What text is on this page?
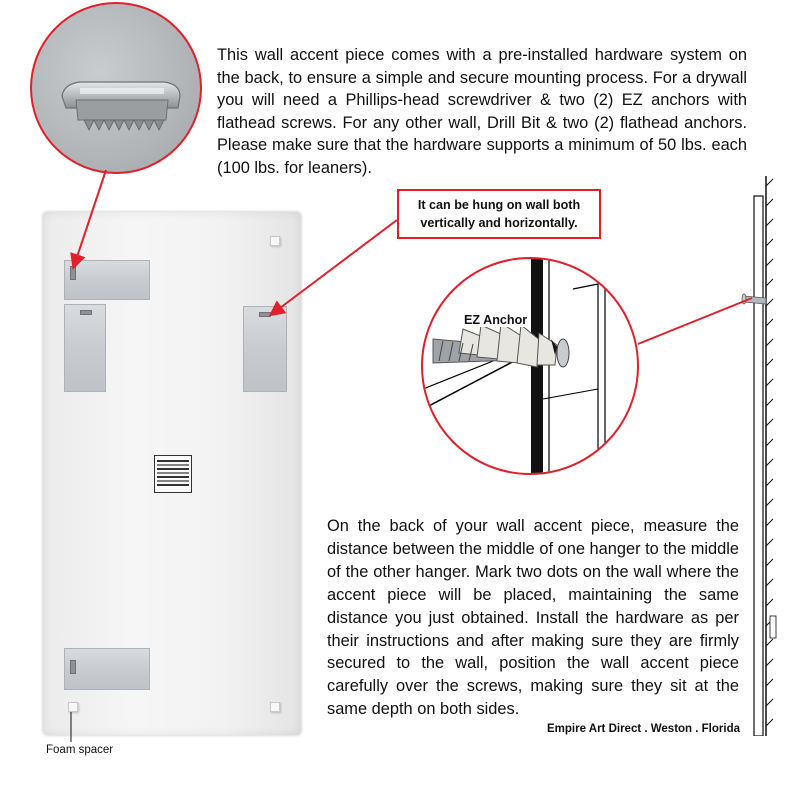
This wall accent piece comes with a pre-installed hardware system on the back, to ensure a simple and secure mounting process. For a drywall you will need a Phillips-head screwdriver & two (2) EZ anchors with flathead screws. For any other wall, Drill Bit & two (2) flathead anchors. Please make sure that the hardware supports a minimum of 50 lbs. each (100 lbs. for leaners).
It can be hung on wall both
vertically and horizontally.
EZ Anchor
On the back of your wall accent piece, measure the distance between the middle of one hanger to the middle of the other hanger. Mark two dots on the wall where the accent piece will be placed, maintaining the same distance you just obtained. Install the hardware as per their instructions and after making sure they are firmly secured to the wall, position the wall accent piece carefully over the screws, making sure they sit at the same depth on both sides.
Empire Art Direct . Weston . Florida
Foam spacer
